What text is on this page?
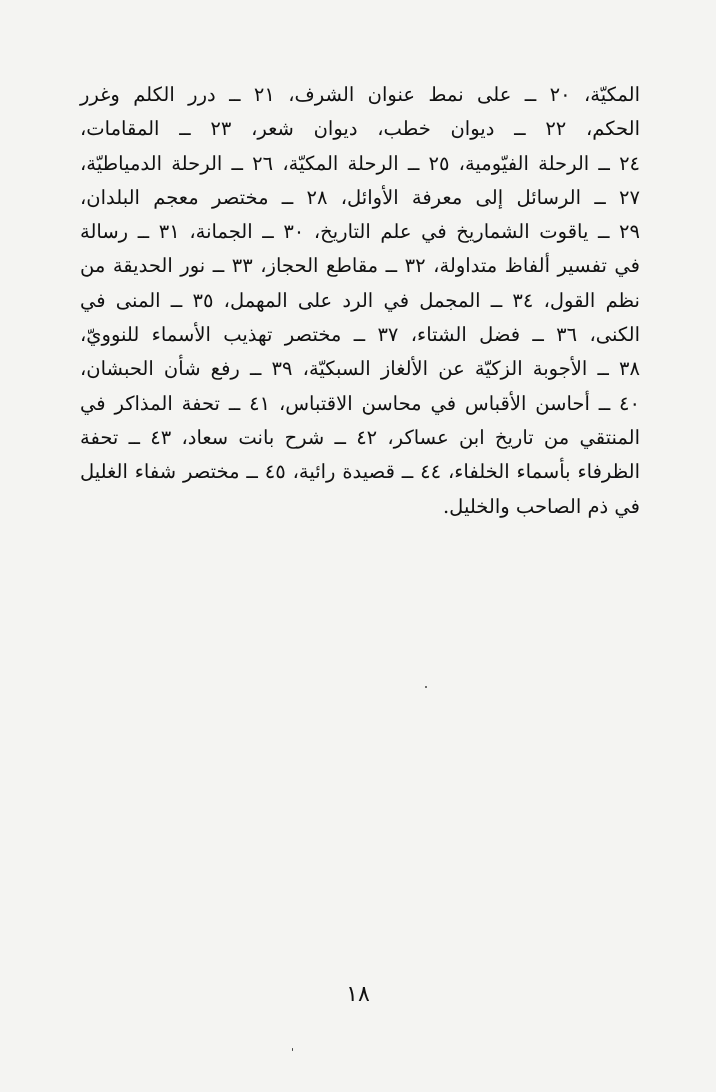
المكيّة، ٢٠ ــ على نمط عنوان الشرف، ٢١ ــ درر الكلم وغرر
الحكم، ٢٢ ــ ديوان خطب، ديوان شعر، ٢٣ ــ المقامات،
٢٤ ــ الرحلة الفيّومية، ٢٥ ــ الرحلة المكيّة، ٢٦ ــ الرحلة الدمياطيّة،
٢٧ ــ الرسائل إلى معرفة الأوائل، ٢٨ ــ مختصر معجم البلدان،
٢٩ ــ ياقوت الشماريخ في علم التاريخ، ٣٠ ــ الجمانة، ٣١ ــ رسالة
في تفسير ألفاظ متداولة، ٣٢ ــ مقاطع الحجاز، ٣٣ ــ نور الحديقة من
نظم القول، ٣٤ ــ المجمل في الرد على المهمل، ٣٥ ــ المنى في
الكنى، ٣٦ ــ فضل الشتاء، ٣٧ ــ مختصر تهذيب الأسماء للنوويّ،
٣٨ ــ الأجوبة الزكيّة عن الألغاز السبكيّة، ٣٩ ــ رفع شأن الحبشان،
٤٠ ــ أحاسن الأقباس في محاسن الاقتباس، ٤١ ــ تحفة المذاكر في
المنتقي من تاريخ ابن عساكر، ٤٢ ــ شرح بانت سعاد، ٤٣ ــ تحفة
الظرفاء بأسماء الخلفاء، ٤٤ ــ قصيدة رائية، ٤٥ ــ مختصر شفاء الغليل
في ذم الصاحب والخليل.
١٨
